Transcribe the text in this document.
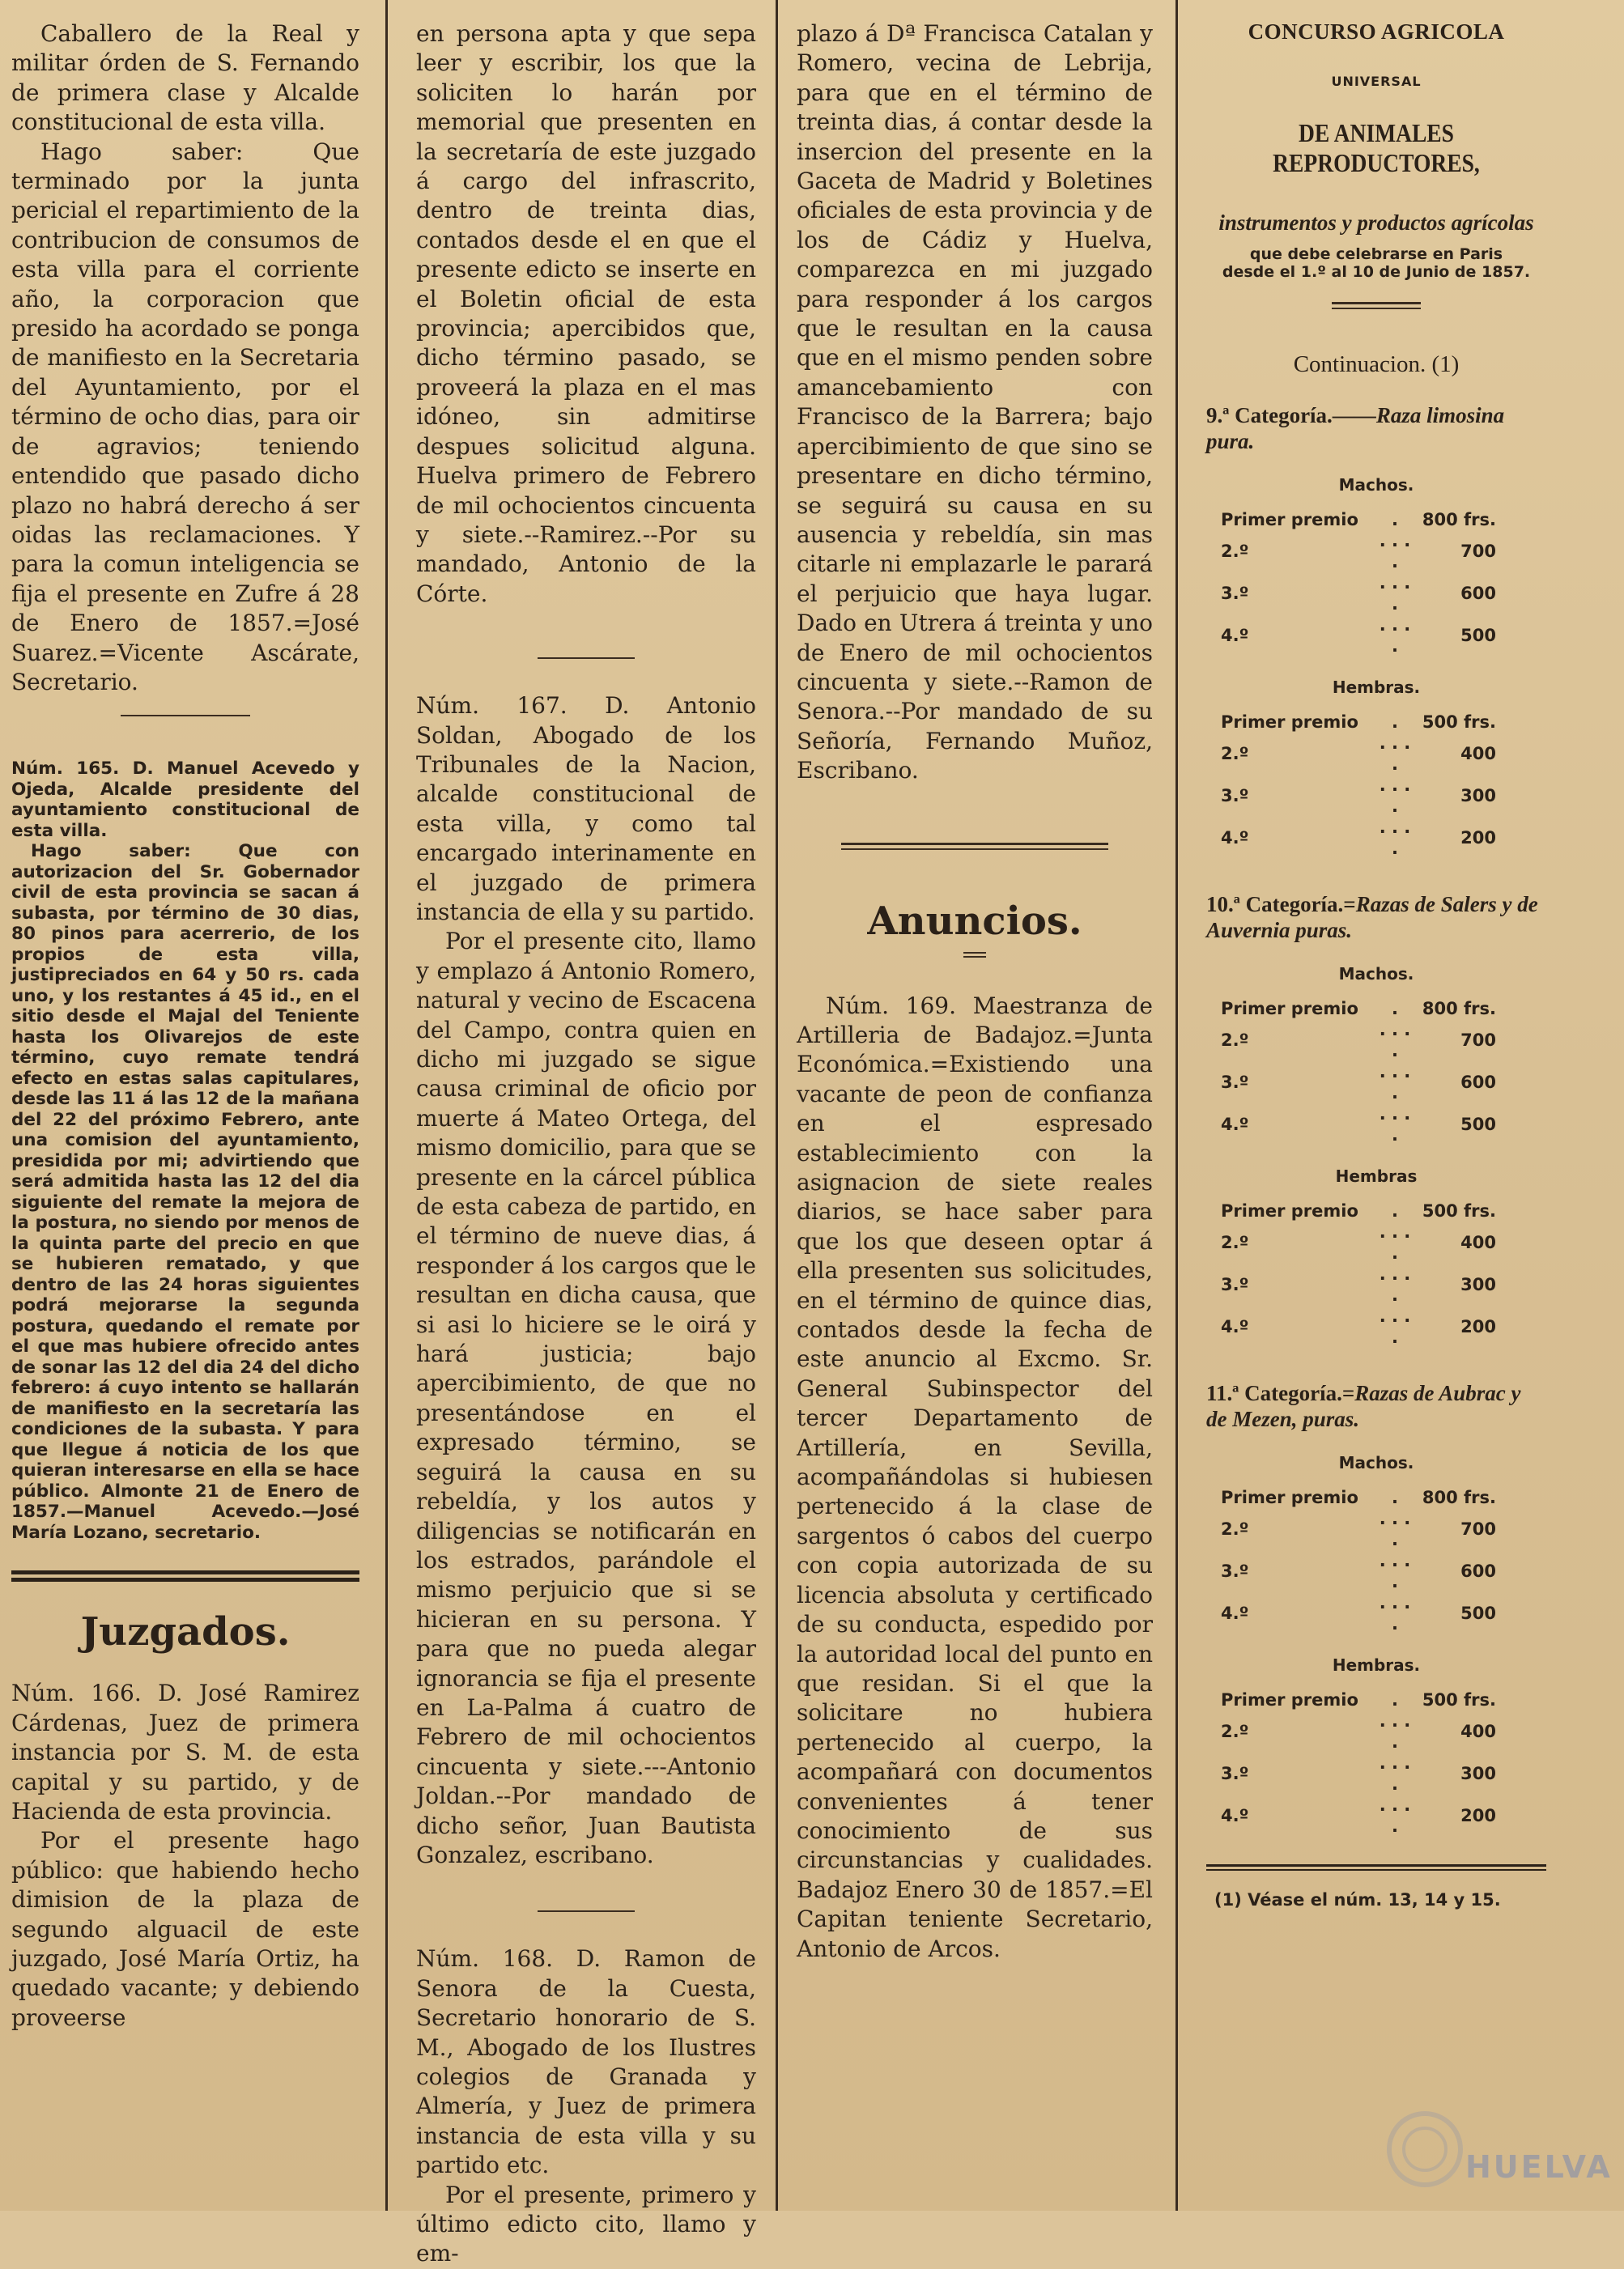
Caballero de la Real y militar órden de S. Fernando de primera clase y Alcalde constitucional de esta villa.

Hago saber: Que terminado por la junta pericial el repartimiento de la contribucion de consumos de esta villa para el corriente año, la corporacion que presido ha acordado se ponga de manifiesto en la Secretaria del Ayuntamiento, por el término de ocho dias, para oir de agravios; teniendo entendido que pasado dicho plazo no habrá derecho á ser oidas las reclamaciones. Y para la comun inteligencia se fija el presente en Zufre á 28 de Enero de 1857.=José Suarez.=Vicente Ascárate, Secretario.

Núm. 165. D. Manuel Acevedo y Ojeda, Alcalde presidente del ayuntamiento constitucional de esta villa.

Hago saber: Que con autorizacion del Sr. Gobernador civil de esta provincia se sacan á subasta, por término de 30 dias, 80 pinos para acerrerio, de los propios de esta villa, justipreciados en 64 y 50 rs. cada uno, y los restantes á 45 id., en el sitio desde el Majal del Teniente hasta los Olivarejos de este término, cuyo remate tendrá efecto en estas salas capitulares, desde las 11 á las 12 de la mañana del 22 del próximo Febrero, ante una comision del ayuntamiento, presidida por mi; advirtiendo que será admitida hasta las 12 del dia siguiente del remate la mejora de la postura, no siendo por menos de la quinta parte del precio en que se hubieren rematado, y que dentro de las 24 horas siguientes podrá mejorarse la segunda postura, quedando el remate por el que mas hubiere ofrecido antes de sonar las 12 del dia 24 del dicho febrero: á cuyo intento se hallarán de manifiesto en la secretaría las condiciones de la subasta. Y para que llegue á noticia de los que quieran interesarse en ella se hace público. Almonte 21 de Enero de 1857.—Manuel Acevedo.—José María Lozano, secretario.

Juzgados.

Núm. 166. D. José Ramirez Cárdenas, Juez de primera instancia por S. M. de esta capital y su partido, y de Hacienda de esta provincia.

Por el presente hago público: que habiendo hecho dimision de la plaza de segundo alguacil de este juzgado, José María Ortiz, ha quedado vacante; y debiendo proveerse

en persona apta y que sepa leer y escribir, los que la soliciten lo harán por memorial que presenten en la secretaría de este juzgado á cargo del infrascrito, dentro de treinta dias, contados desde el en que el presente edicto se inserte en el Boletin oficial de esta provincia; apercibidos que, dicho término pasado, se proveerá la plaza en el mas idóneo, sin admitirse despues solicitud alguna. Huelva primero de Febrero de mil ochocientos cincuenta y siete.--Ramirez.--Por su mandado, Antonio de la Córte.

Núm. 167. D. Antonio Soldan, Abogado de los Tribunales de la Nacion, alcalde constitucional de esta villa, y como tal encargado interinamente en el juzgado de primera instancia de ella y su partido.

Por el presente cito, llamo y emplazo á Antonio Romero, natural y vecino de Escacena del Campo, contra quien en dicho mi juzgado se sigue causa criminal de oficio por muerte á Mateo Ortega, del mismo domicilio, para que se presente en la cárcel pública de esta cabeza de partido, en el término de nueve dias, á responder á los cargos que le resultan en dicha causa, que si asi lo hiciere se le oirá y hará justicia; bajo apercibimiento, de que no presentándose en el expresado término, se seguirá la causa en su rebeldía, y los autos y diligencias se notificarán en los estrados, parándole el mismo perjuicio que si se hicieran en su persona. Y para que no pueda alegar ignorancia se fija el presente en La-Palma á cuatro de Febrero de mil ochocientos cincuenta y siete.---Antonio Joldan.--Por mandado de dicho señor, Juan Bautista Gonzalez, escribano.

Núm. 168. D. Ramon de Senora de la Cuesta, Secretario honorario de S. M., Abogado de los Ilustres colegios de Granada y Almería, y Juez de primera instancia de esta villa y su partido etc.

Por el presente, primero y último edicto cito, llamo y em-

plazo á Dª Francisca Catalan y Romero, vecina de Lebrija, para que en el término de treinta dias, á contar desde la insercion del presente en la Gaceta de Madrid y Boletines oficiales de esta provincia y de los de Cádiz y Huelva, comparezca en mi juzgado para responder á los cargos que le resultan en la causa que en el mismo penden sobre amancebamiento con Francisco de la Barrera; bajo apercibimiento de que sino se presentare en dicho término, se seguirá su causa en su ausencia y rebeldía, sin mas citarle ni emplazarle le parará el perjuicio que haya lugar. Dado en Utrera á treinta y uno de Enero de mil ochocientos cincuenta y siete.--Ramon de Senora.--Por mandado de su Señoría, Fernando Muñoz, Escribano.

Anuncios.

Núm. 169. Maestranza de Artilleria de Badajoz.=Junta Económica.=Existiendo una vacante de peon de confianza en el espresado establecimiento con la asignacion de siete reales diarios, se hace saber para que los que deseen optar á ella presenten sus solicitudes, en el término de quince dias, contados desde la fecha de este anuncio al Excmo. Sr. General Subinspector del tercer Departamento de Artillería, en Sevilla, acompañándolas si hubiesen pertenecido á la clase de sargentos ó cabos del cuerpo con copia autorizada de su licencia absoluta y certificado de su conducta, espedido por la autoridad local del punto en que residan. Si el que la solicitare no hubiera pertenecido al cuerpo, la acompañará con documentos convenientes á tener conocimiento de sus circunstancias y cualidades. Badajoz Enero 30 de 1857.=El Capitan teniente Secretario, Antonio de Arcos.

CONCURSO AGRICOLA
UNIVERSAL
DE ANIMALES REPRODUCTORES,
instrumentos y productos agrícolas
que debe celebrarse en Paris
desde el 1.º al 10 de Junio de 1857.
Continuacion. (1)
9.ª Categoría.——Raza limosina pura.
Machos.
Primer premio	.	800 frs.
2.º	. . . .	700
3.º	. . . .	600
4.º	. . . .	500
Hembras.
Primer premio	.	500 frs.
2.º	. . . .	400
3.º	. . . .	300
4.º	. . . .	200
10.ª Categoría.=Razas de Salers y de Auvernia puras.
Machos.
Primer premio	.	800 frs.
2.º	. . . .	700
3.º	. . . .	600
4.º	. . . .	500
Hembras
Primer premio	.	500 frs.
2.º	. . . .	400
3.º	. . . .	300
4.º	. . . .	200
11.ª Categoría.=Razas de Aubrac y de Mezen, puras.
Machos.
Primer premio	.	800 frs.
2.º	. . . .	700
3.º	. . . .	600
4.º	. . . .	500
Hembras.
Primer premio	.	500 frs.
2.º	. . . .	400
3.º	. . . .	300
4.º	. . . .	200
(1) Véase el núm. 13, 14 y 15.
HUELVA
